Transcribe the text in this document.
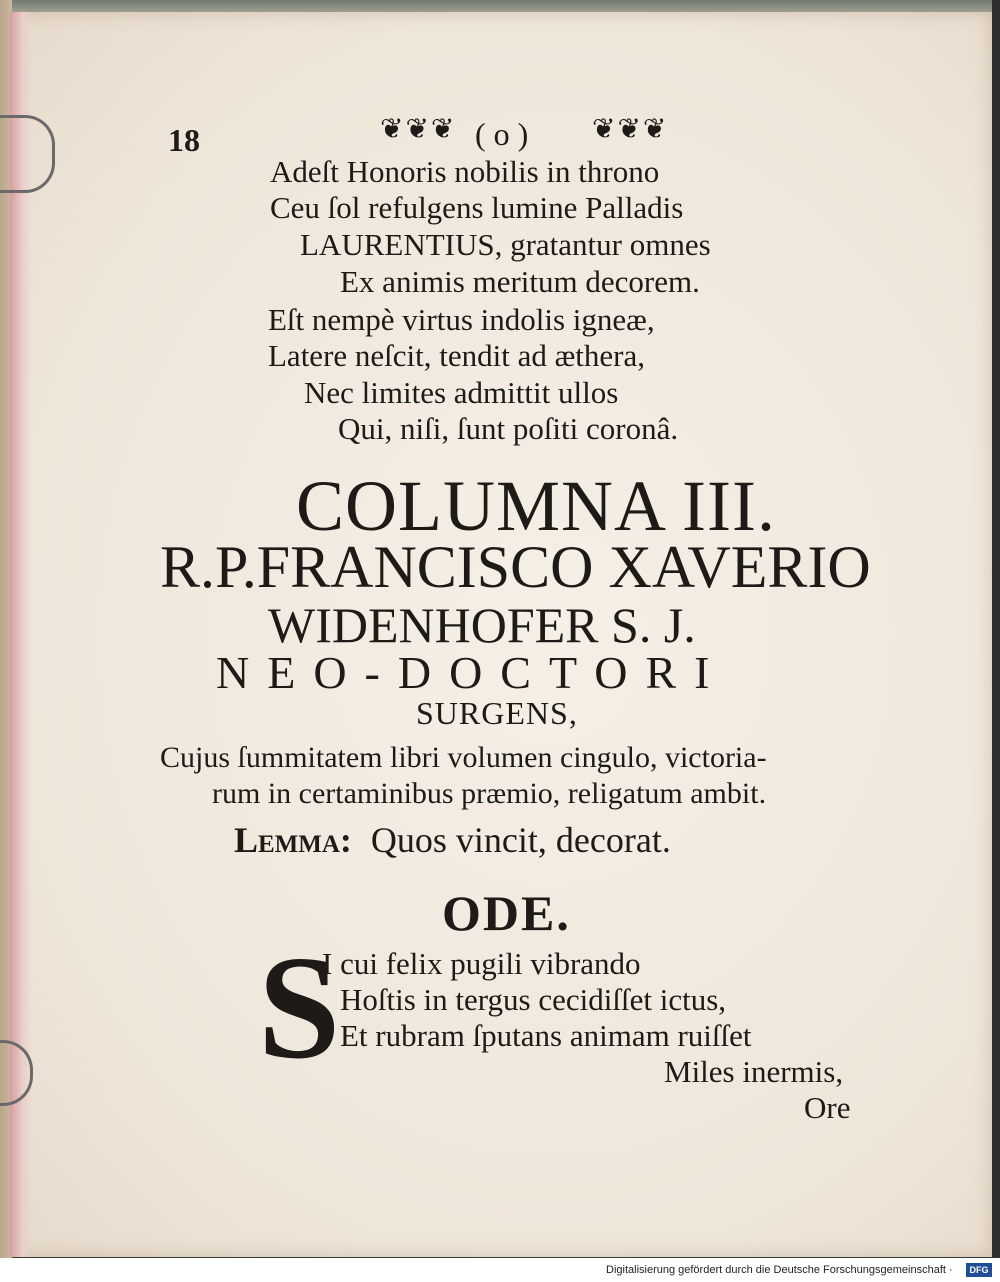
18	❦❦❦ ( o ) ❦❦❦
Adeſt Honoris nobilis in throno
Ceu ſol refulgens lumine Palladis
LAURENTIUS, gratantur omnes
Ex animis meritum decorem.
Eſt nempè virtus indolis igneæ,
Latere neſcit, tendit ad æthera,
Nec limites admittit ullos
Qui, niſi, ſunt poſiti coronâ.
COLUMNA III.
R.P.FRANCISCO XAVERIO
WIDENHOFER S. J.
NEO-DOCTORI
SURGENS,
Cujus ſummitatem libri volumen cingulo, victoria-
rum in certaminibus præmio, religatum ambit.
Lemma: Quos vincit, decorat.
ODE.
S
I cui felix pugili vibrando
Hoſtis in tergus cecidiſſet ictus,
Et rubram ſputans animam ruiſſet
Miles inermis,
Ore
Digitalisierung gefördert durch die Deutsche Forschungsgemeinschaft ·	DFG
